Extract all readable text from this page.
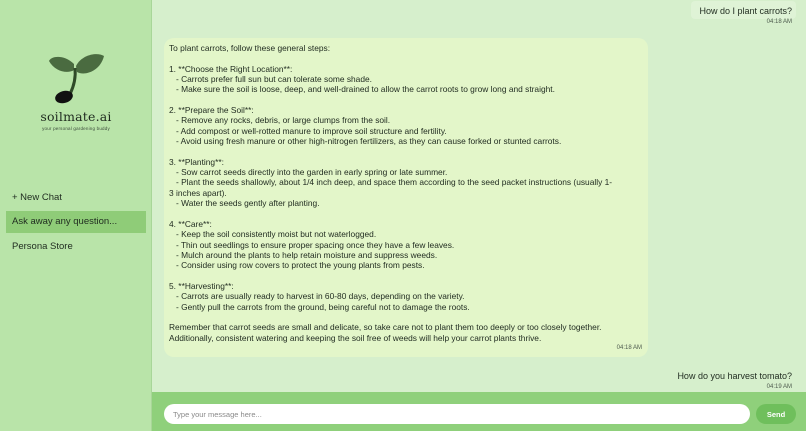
soilmate.ai
your personal gardening buddy
+ New Chat
Ask away any question...
Persona Store
How do I plant carrots?
04:18 AM
To plant carrots, follow these general steps:

1. **Choose the Right Location**:
- Carrots prefer full sun but can tolerate some shade.
- Make sure the soil is loose, deep, and well-drained to allow the carrot roots to grow long and straight.

2. **Prepare the Soil**:
- Remove any rocks, debris, or large clumps from the soil.
- Add compost or well-rotted manure to improve soil structure and fertility.
- Avoid using fresh manure or other high-nitrogen fertilizers, as they can cause forked or stunted carrots.

3. **Planting**:
- Sow carrot seeds directly into the garden in early spring or late summer.
- Plant the seeds shallowly, about 1/4 inch deep, and space them according to the seed packet instructions (usually 1-
3 inches apart).
- Water the seeds gently after planting.

4. **Care**:
- Keep the soil consistently moist but not waterlogged.
- Thin out seedlings to ensure proper spacing once they have a few leaves.
- Mulch around the plants to help retain moisture and suppress weeds.
- Consider using row covers to protect the young plants from pests.

5. **Harvesting**:
- Carrots are usually ready to harvest in 60-80 days, depending on the variety.
- Gently pull the carrots from the ground, being careful not to damage the roots.

Remember that carrot seeds are small and delicate, so take care not to plant them too deeply or too closely together.
Additionally, consistent watering and keeping the soil free of weeds will help your carrot plants thrive.
04:18 AM
How do you harvest tomato?
04:19 AM
Type your message here...
Send
